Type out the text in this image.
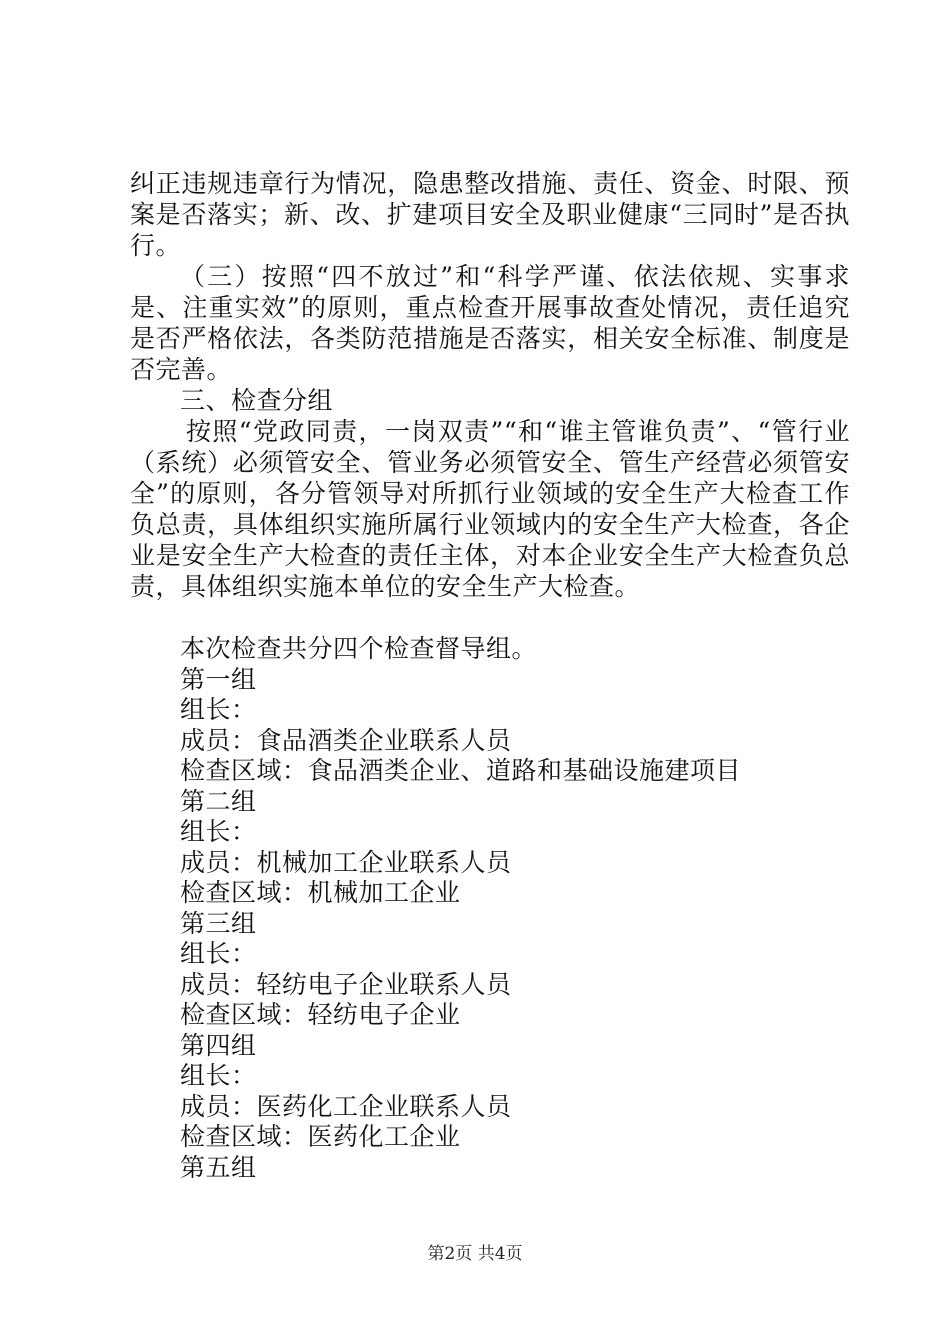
纠正违规违章行为情况，隐患整改措施、责任、资金、时限、预案是否落实；新、改、扩建项目安全及职业健康“三同时”是否执行。

（三）按照“四不放过”和“科学严谨、依法依规、实事求是、注重实效”的原则，重点检查开展事故查处情况，责任追究是否严格依法，各类防范措施是否落实，相关安全标准、制度是否完善。

三、检查分组

按照“党政同责，一岗双责”“和“谁主管谁负责”、“管行业（系统）必须管安全、管业务必须管安全、管生产经营必须管安全”的原则，各分管领导对所抓行业领域的安全生产大检查工作负总责，具体组织实施所属行业领域内的安全生产大检查，各企业是安全生产大检查的责任主体，对本企业安全生产大检查负总责，具体组织实施本单位的安全生产大检查。

本次检查共分四个检查督导组。

第一组

组长：

成员：食品酒类企业联系人员

检查区域：食品酒类企业、道路和基础设施建项目

第二组

组长：

成员：机械加工企业联系人员

检查区域：机械加工企业

第三组

组长：

成员：轻纺电子企业联系人员

检查区域：轻纺电子企业

第四组

组长：

成员：医药化工企业联系人员

检查区域：医药化工企业

第五组

第2页 共4页
